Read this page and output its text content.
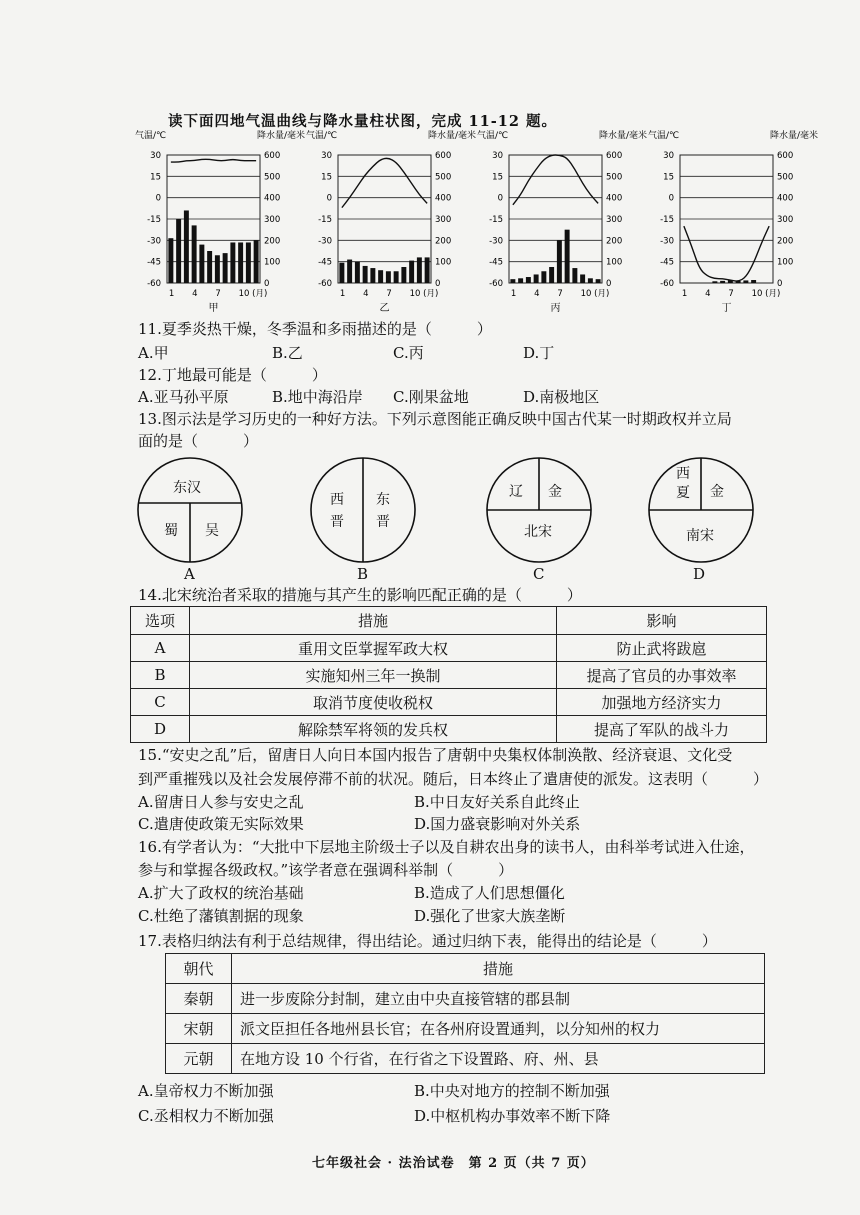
读下面四地气温曲线与降水量柱状图，完成 11-12 题。
气温/℃	降水量/毫米
30	600
15	500
0	400
-15	300
-30	200
-45	100
-60	0
1 4 7 10 (月)
甲
气温/℃	降水量/毫米
30	600
15	500
0	400
-15	300
-30	200
-45	100
-60	0
1 4 7 10 (月)
乙
气温/℃	降水量/毫米
30	600
15	500
0	400
-15	300
-30	200
-45	100
-60	0
1 4 7 10 (月)
丙
气温/℃	降水量/毫米
30	600
15	500
0	400
-15	300
-30	200
-45	100
-60	0
1 4 7 10 (月)
丁
11.夏季炎热干燥，冬季温和多雨描述的是（　　　）
A.甲	B.乙	C.丙	D.丁
12.丁地最可能是（　　　）
A.亚马孙平原	B.地中海沿岸 C.刚果盆地	D.南极地区
13.图示法是学习历史的一种好方法。下列示意图能正确反映中国古代某一时期政权并立局
面的是（　　　）
东汉
蜀 吴
A
西
晋
东
晋
B
辽 金
北宋
C
西
夏 金
南宋
D
14.北宋统治者采取的措施与其产生的影响匹配正确的是（　　　）
选项	措施	影响
A	重用文臣掌握军政大权	防止武将跋扈
B	实施知州三年一换制	提高了官员的办事效率
C	取消节度使收税权	加强地方经济实力
D	解除禁军将领的发兵权	提高了军队的战斗力
15.“安史之乱”后，留唐日人向日本国内报告了唐朝中央集权体制涣散、经济衰退、文化受
到严重摧残以及社会发展停滞不前的状况。随后，日本终止了遣唐使的派发。这表明（　　　）
A.留唐日人参与安史之乱	B.中日友好关系自此终止
C.遣唐使政策无实际效果	D.国力盛衰影响对外关系
16.有学者认为：“大批中下层地主阶级士子以及自耕农出身的读书人，由科举考试进入仕途，
参与和掌握各级政权。”该学者意在强调科举制（　　　）
A.扩大了政权的统治基础	B.造成了人们思想僵化
C.杜绝了藩镇割据的现象	D.强化了世家大族垄断
17.表格归纳法有利于总结规律，得出结论。通过归纳下表，能得出的结论是（　　　）
朝代	措施
秦朝	进一步废除分封制，建立由中央直接管辖的郡县制
宋朝	派文臣担任各地州县长官；在各州府设置通判，以分知州的权力
元朝	在地方设 10 个行省，在行省之下设置路、府、州、县
A.皇帝权力不断加强	B.中央对地方的控制不断加强
C.丞相权力不断加强	D.中枢机构办事效率不断下降
七年级社会 · 法治试卷　第 2 页（共 7 页）
